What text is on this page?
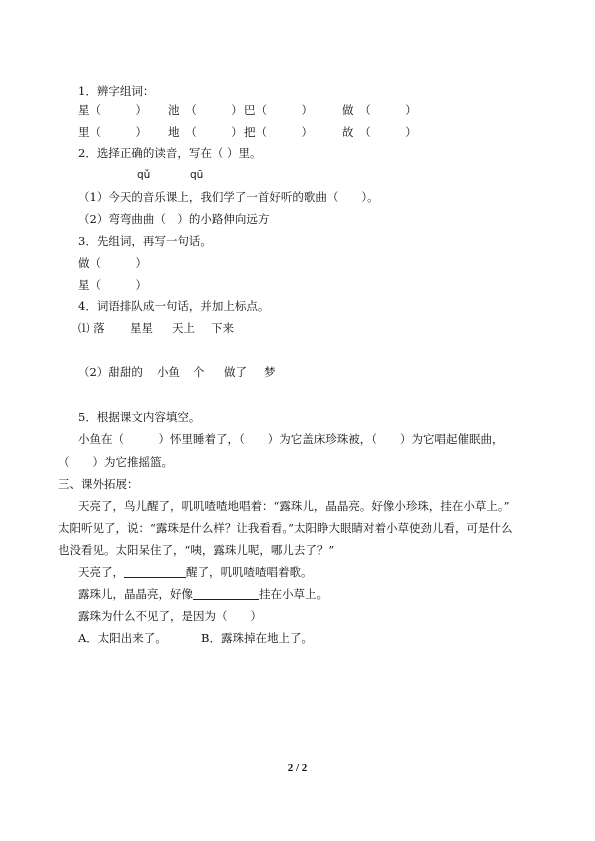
1．辨字组词：
星（　　　） 池　（　　　） 巴（　　　）	做　（　　　）
里（　　　） 地　（　　　） 把（　　　）	故　（　　　）
2．选择正确的读音，写在（ ）里。
qǔ	qū
（1）今天的音乐课上，我们学了一首好听的歌曲（　　）。
（2）弯弯曲曲（　）的小路伸向远方
3．先组词，再写一句话。
做（　　　）
星（　　　）
4．词语排队成一句话，并加上标点。
⑴ 落 星星 天上 下来
（2）甜甜的 小鱼 个 做了 梦
5．根据课文内容填空。
小鱼在（　　　）怀里睡着了，（　　）为它盖床珍珠被，（　　）为它唱起催眠曲，
（　　）为它推摇篮。
三、课外拓展：
天亮了，鸟儿醒了，叽叽喳喳地唱着：“露珠儿，晶晶亮。好像小珍珠，挂在小草上。”
太阳听见了，说：“露珠是什么样？让我看看。”太阳睁大眼睛对着小草使劲儿看，可是什么
也没看见。太阳呆住了，“咦，露珠儿呢，哪儿去了？”
天亮了，	醒了，叽叽喳喳唱着歌。
露珠儿，晶晶亮，好像	挂在小草上。
露珠为什么不见了，是因为（　　）
A．太阳出来了。	B．露珠掉在地上了。
2 / 2
